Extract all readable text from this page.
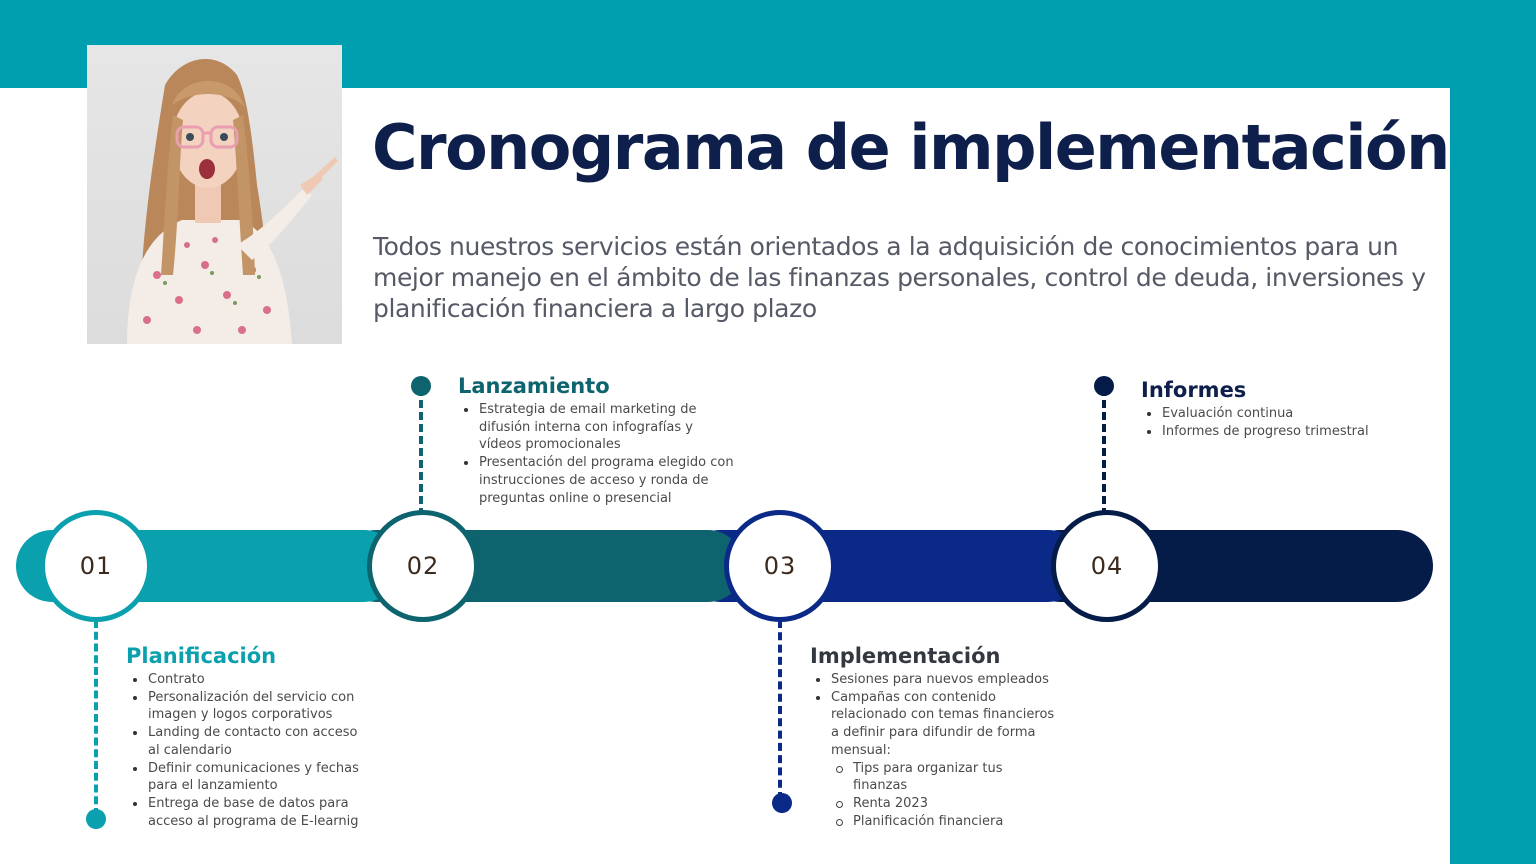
Cronograma de implementación
Todos nuestros servicios están orientados a la adquisición de conocimientos para un mejor manejo en el ámbito de las finanzas personales, control de deuda, inversiones y planificación financiera a largo plazo
01	02	03	04
Planificación
Contrato
Personalización del servicio con imagen y logos corporativos
Landing de contacto con acceso al calendario
Definir comunicaciones y fechas para el lanzamiento
Entrega de base de datos para acceso al programa de E-learnig
Lanzamiento
Estrategia de email marketing de difusión interna con infografías y vídeos promocionales
Presentación del programa elegido con instrucciones de acceso y ronda de preguntas online o presencial
Implementación
Sesiones para nuevos empleados
Campañas con contenido relacionado con temas financieros a definir para difundir de forma mensual:
Tips para organizar tus finanzas
Renta 2023
Planificación financiera
Informes
Evaluación continua
Informes de progreso trimestral
